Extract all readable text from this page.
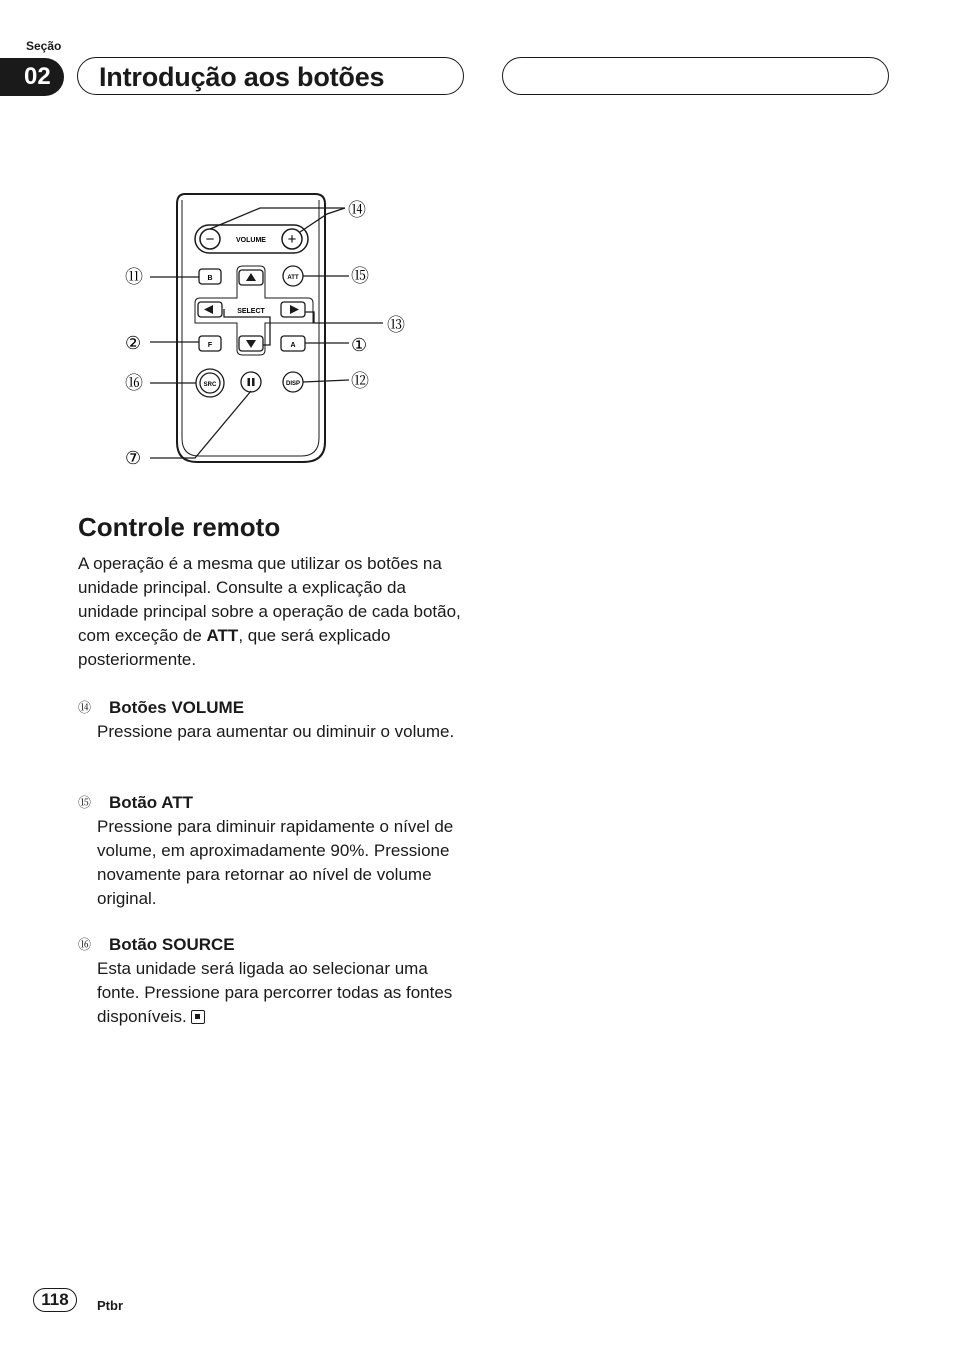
Seção
02	Introdução aos botões
−	+
VOLUME
B	ATT
SELECT
F	A
SRC	DISP
⑭
⑮
⑪
⑬
②	①
⑯	⑫
⑦
Controle remoto
A operação é a mesma que utilizar os botões na unidade principal. Consulte a explicação da unidade principal sobre a operação de cada botão, com exceção de ATT, que será explicado posteriormente.
⑭	Botões VOLUME
Pressione para aumentar ou diminuir o volume.
⑮	Botão ATT
Pressione para diminuir rapidamente o nível de volume, em aproximadamente 90%. Pressione novamente para retornar ao nível de volume original.
⑯	Botão SOURCE
Esta unidade será ligada ao selecionar uma fonte. Pressione para percorrer todas as fontes disponíveis.
118	Ptbr
